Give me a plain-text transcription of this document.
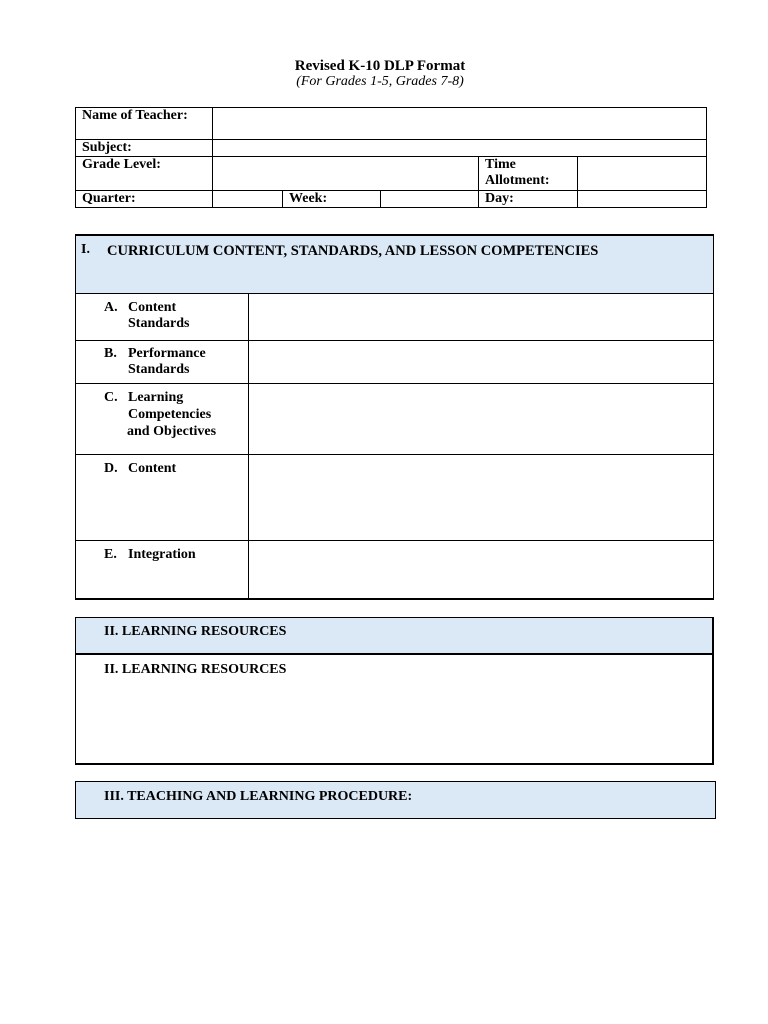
Revised K-10 DLP Format
(For Grades 1-5, Grades 7-8)
Name of Teacher:
Subject:
Grade Level:	Time
Allotment:
Quarter:	Week:	Day:
I. CURRICULUM CONTENT, STANDARDS, AND LESSON COMPETENCIES
A. Content
Standards
B. Performance
Standards
C. Learning
Competencies
and Objectives
D. Content
E. Integration
II. LEARNING RESOURCES
II. LEARNING RESOURCES
III. TEACHING AND LEARNING PROCEDURE:
